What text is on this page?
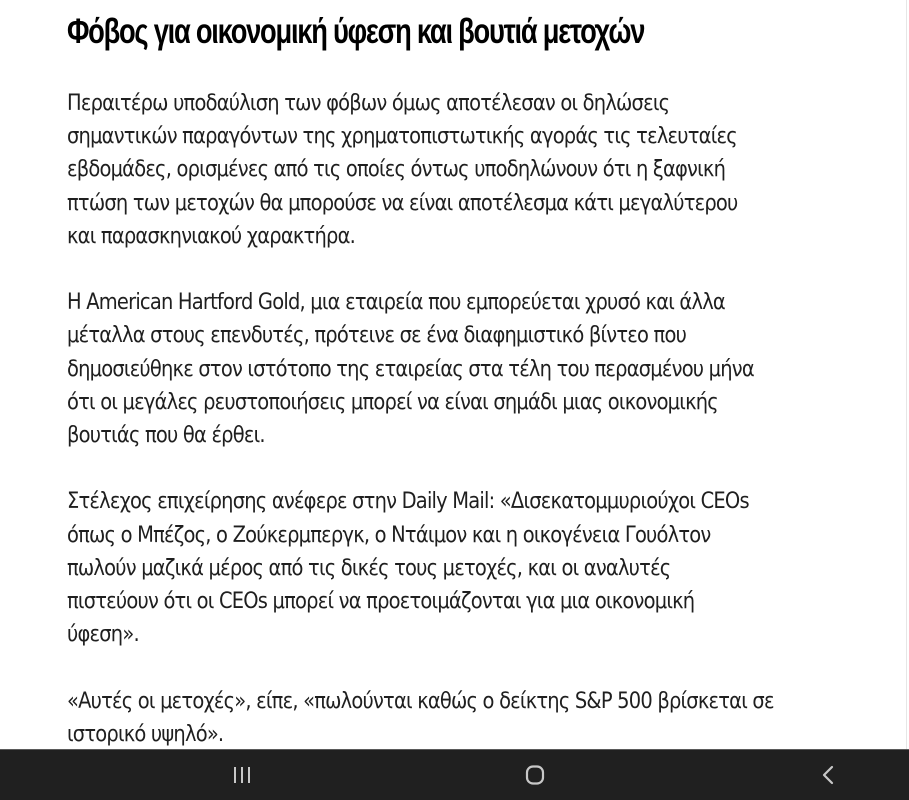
Φόβος για οικονομική ύφεση και βουτιά μετοχών

Περαιτέρω υποδαύλιση των φόβων όμως αποτέλεσαν οι δηλώσεις
σημαντικών παραγόντων της χρηματοπιστωτικής αγοράς τις τελευταίες
εβδομάδες, ορισμένες από τις οποίες όντως υποδηλώνουν ότι η ξαφνική
πτώση των μετοχών θα μπορούσε να είναι αποτέλεσμα κάτι μεγαλύτερου
και παρασκηνιακού χαρακτήρα.

Η American Hartford Gold, μια εταιρεία που εμπορεύεται χρυσό και άλλα
μέταλλα στους επενδυτές, πρότεινε σε ένα διαφημιστικό βίντεο που
δημοσιεύθηκε στον ιστότοπο της εταιρείας στα τέλη του περασμένου μήνα
ότι οι μεγάλες ρευστοποιήσεις μπορεί να είναι σημάδι μιας οικονομικής
βουτιάς που θα έρθει.

Στέλεχος επιχείρησης ανέφερε στην Daily Mail: «Δισεκατομμυριούχοι CEOs
όπως ο Μπέζος, ο Ζούκερμπεργκ, ο Ντάιμον και η οικογένεια Γουόλτον
πωλούν μαζικά μέρος από τις δικές τους μετοχές, και οι αναλυτές
πιστεύουν ότι οι CEOs μπορεί να προετοιμάζονται για μια οικονομική
ύφεση».

«Αυτές οι μετοχές», είπε, «πωλούνται καθώς ο δείκτης S&P 500 βρίσκεται σε
ιστορικό υψηλό».
